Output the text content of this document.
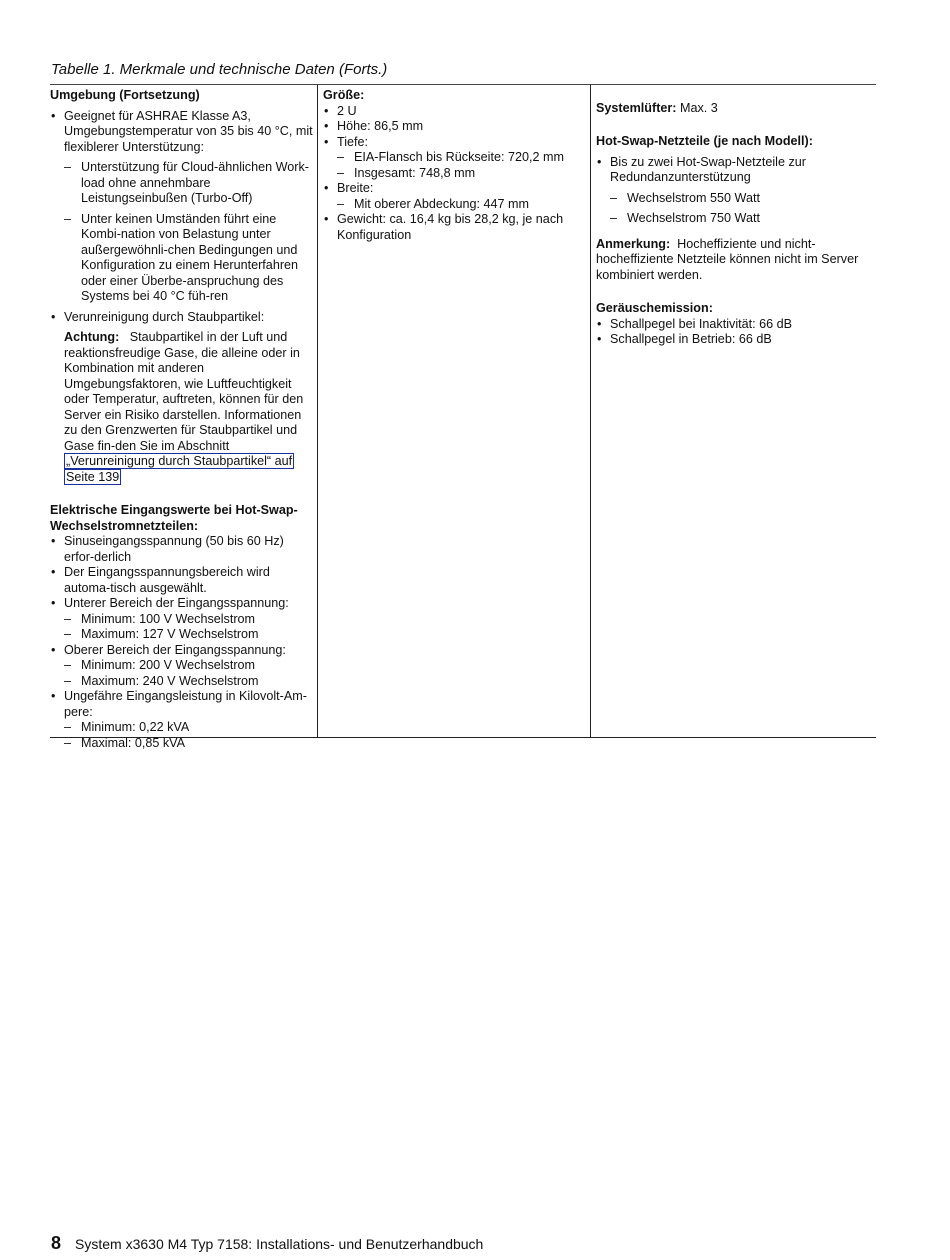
Tabelle 1. Merkmale und technische Daten (Forts.)

Umgebung (Fortsetzung)

• Geeignet für ASHRAE Klasse A3, Umgebungstemperatur von 35 bis 40 °C, mit flexiblerer Unterstützung:
– Unterstützung für Cloud-ähnlichen Work-load ohne annehmbare Leistungseinbußen (Turbo-Off)
– Unter keinen Umständen führt eine Kombi-nation von Belastung unter außergewöhnli-chen Bedingungen und Konfiguration zu einem Herunterfahren oder einer Überbe-anspruchung des Systems bei 40 °C füh-ren
• Verunreinigung durch Staubpartikel:
Achtung: Staubpartikel in der Luft und reaktionsfreudige Gase, die alleine oder in Kombination mit anderen Umgebungsfaktoren, wie Luftfeuchtigkeit oder Temperatur, auftreten, können für den Server ein Risiko darstellen. Informationen zu den Grenzwerten für Staubpartikel und Gase fin-den Sie im Abschnitt „Verunreinigung durch Staubpartikel“ auf Seite 139

Elektrische Eingangswerte bei Hot-Swap-Wechselstromnetzteilen:

• Sinuseingangsspannung (50 bis 60 Hz) erfor-derlich
• Der Eingangsspannungsbereich wird automa-tisch ausgewählt.
• Unterer Bereich der Eingangsspannung:
– Minimum: 100 V Wechselstrom
– Maximum: 127 V Wechselstrom
• Oberer Bereich der Eingangsspannung:
– Minimum: 200 V Wechselstrom
– Maximum: 240 V Wechselstrom
• Ungefähre Eingangsleistung in Kilovolt-Am-pere:
– Minimum: 0,22 kVA
– Maximal: 0,85 kVA

Größe:

• 2 U
• Höhe: 86,5 mm
• Tiefe:
– EIA-Flansch bis Rückseite: 720,2 mm
– Insgesamt: 748,8 mm
• Breite:
– Mit oberer Abdeckung: 447 mm
• Gewicht: ca. 16,4 kg bis 28,2 kg, je nach Konfiguration

Systemlüfter: Max. 3

Hot-Swap-Netzteile (je nach Modell):

• Bis zu zwei Hot-Swap-Netzteile zur Redundanzunterstützung
– Wechselstrom 550 Watt
– Wechselstrom 750 Watt

Anmerkung: Hocheffiziente und nicht-hocheffiziente Netzteile können nicht im Server kombiniert werden.

Geräuschemission:

• Schallpegel bei Inaktivität: 66 dB
• Schallpegel in Betrieb: 66 dB
8 System x3630 M4 Typ 7158: Installations- und Benutzerhandbuch
